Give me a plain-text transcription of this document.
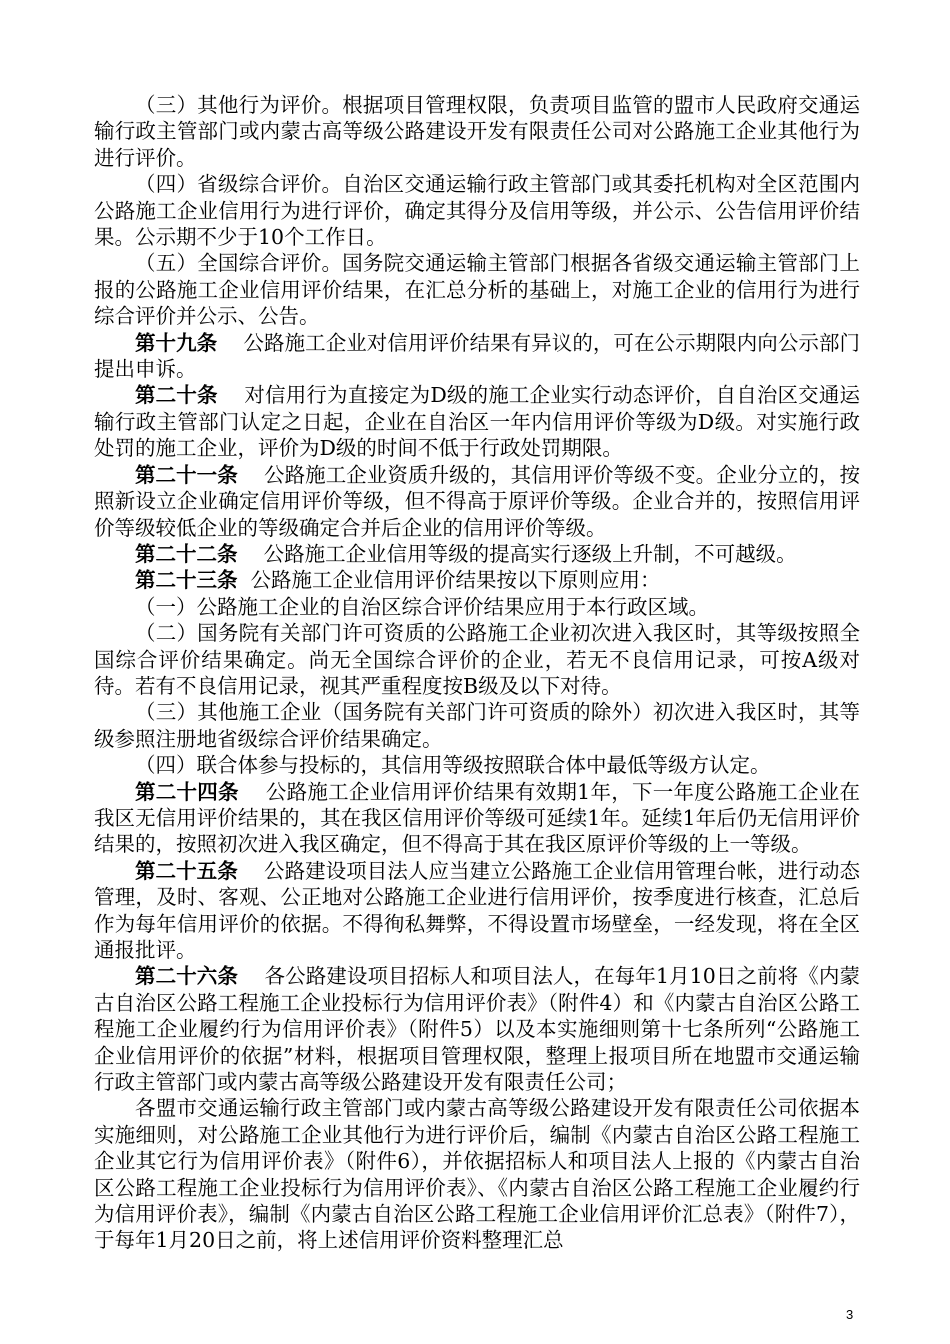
（三）其他行为评价。根据项目管理权限，负责项目监管的盟市人民政府交通运输行政主管部门或内蒙古高等级公路建设开发有限责任公司对公路施工企业其他行为进行评价。

（四）省级综合评价。自治区交通运输行政主管部门或其委托机构对全区范围内公路施工企业信用行为进行评价，确定其得分及信用等级，并公示、公告信用评价结果。公示期不少于10个工作日。

（五）全国综合评价。国务院交通运输主管部门根据各省级交通运输主管部门上报的公路施工企业信用评价结果，在汇总分析的基础上，对施工企业的信用行为进行综合评价并公示、公告。

第十九条 公路施工企业对信用评价结果有异议的，可在公示期限内向公示部门提出申诉。

第二十条 对信用行为直接定为D级的施工企业实行动态评价，自自治区交通运输行政主管部门认定之日起，企业在自治区一年内信用评价等级为D级。对实施行政处罚的施工企业，评价为D级的时间不低于行政处罚期限。

第二十一条 公路施工企业资质升级的，其信用评价等级不变。企业分立的，按照新设立企业确定信用评价等级，但不得高于原评价等级。企业合并的，按照信用评价等级较低企业的等级确定合并后企业的信用评价等级。

第二十二条 公路施工企业信用等级的提高实行逐级上升制，不可越级。

第二十三条 公路施工企业信用评价结果按以下原则应用：

（一）公路施工企业的自治区综合评价结果应用于本行政区域。

（二）国务院有关部门许可资质的公路施工企业初次进入我区时，其等级按照全国综合评价结果确定。尚无全国综合评价的企业，若无不良信用记录，可按A级对待。若有不良信用记录，视其严重程度按B级及以下对待。

（三）其他施工企业（国务院有关部门许可资质的除外）初次进入我区时，其等级参照注册地省级综合评价结果确定。

（四）联合体参与投标的，其信用等级按照联合体中最低等级方认定。

第二十四条 公路施工企业信用评价结果有效期1年，下一年度公路施工企业在我区无信用评价结果的，其在我区信用评价等级可延续1年。延续1年后仍无信用评价结果的，按照初次进入我区确定，但不得高于其在我区原评价等级的上一等级。

第二十五条 公路建设项目法人应当建立公路施工企业信用管理台帐，进行动态管理，及时、客观、公正地对公路施工企业进行信用评价，按季度进行核查，汇总后作为每年信用评价的依据。不得徇私舞弊，不得设置市场壁垒，一经发现，将在全区通报批评。

第二十六条 各公路建设项目招标人和项目法人，在每年1月10日之前将《内蒙古自治区公路工程施工企业投标行为信用评价表》（附件4）和《内蒙古自治区公路工程施工企业履约行为信用评价表》（附件5）以及本实施细则第十七条所列“公路施工企业信用评价的依据”材料，根据项目管理权限，整理上报项目所在地盟市交通运输行政主管部门或内蒙古高等级公路建设开发有限责任公司；

各盟市交通运输行政主管部门或内蒙古高等级公路建设开发有限责任公司依据本实施细则，对公路施工企业其他行为进行评价后，编制《内蒙古自治区公路工程施工企业其它行为信用评价表》（附件6），并依据招标人和项目法人上报的《内蒙古自治区公路工程施工企业投标行为信用评价表》、《内蒙古自治区公路工程施工企业履约行为信用评价表》，编制《内蒙古自治区公路工程施工企业信用评价汇总表》（附件7），于每年1月20日之前，将上述信用评价资料整理汇总

3
